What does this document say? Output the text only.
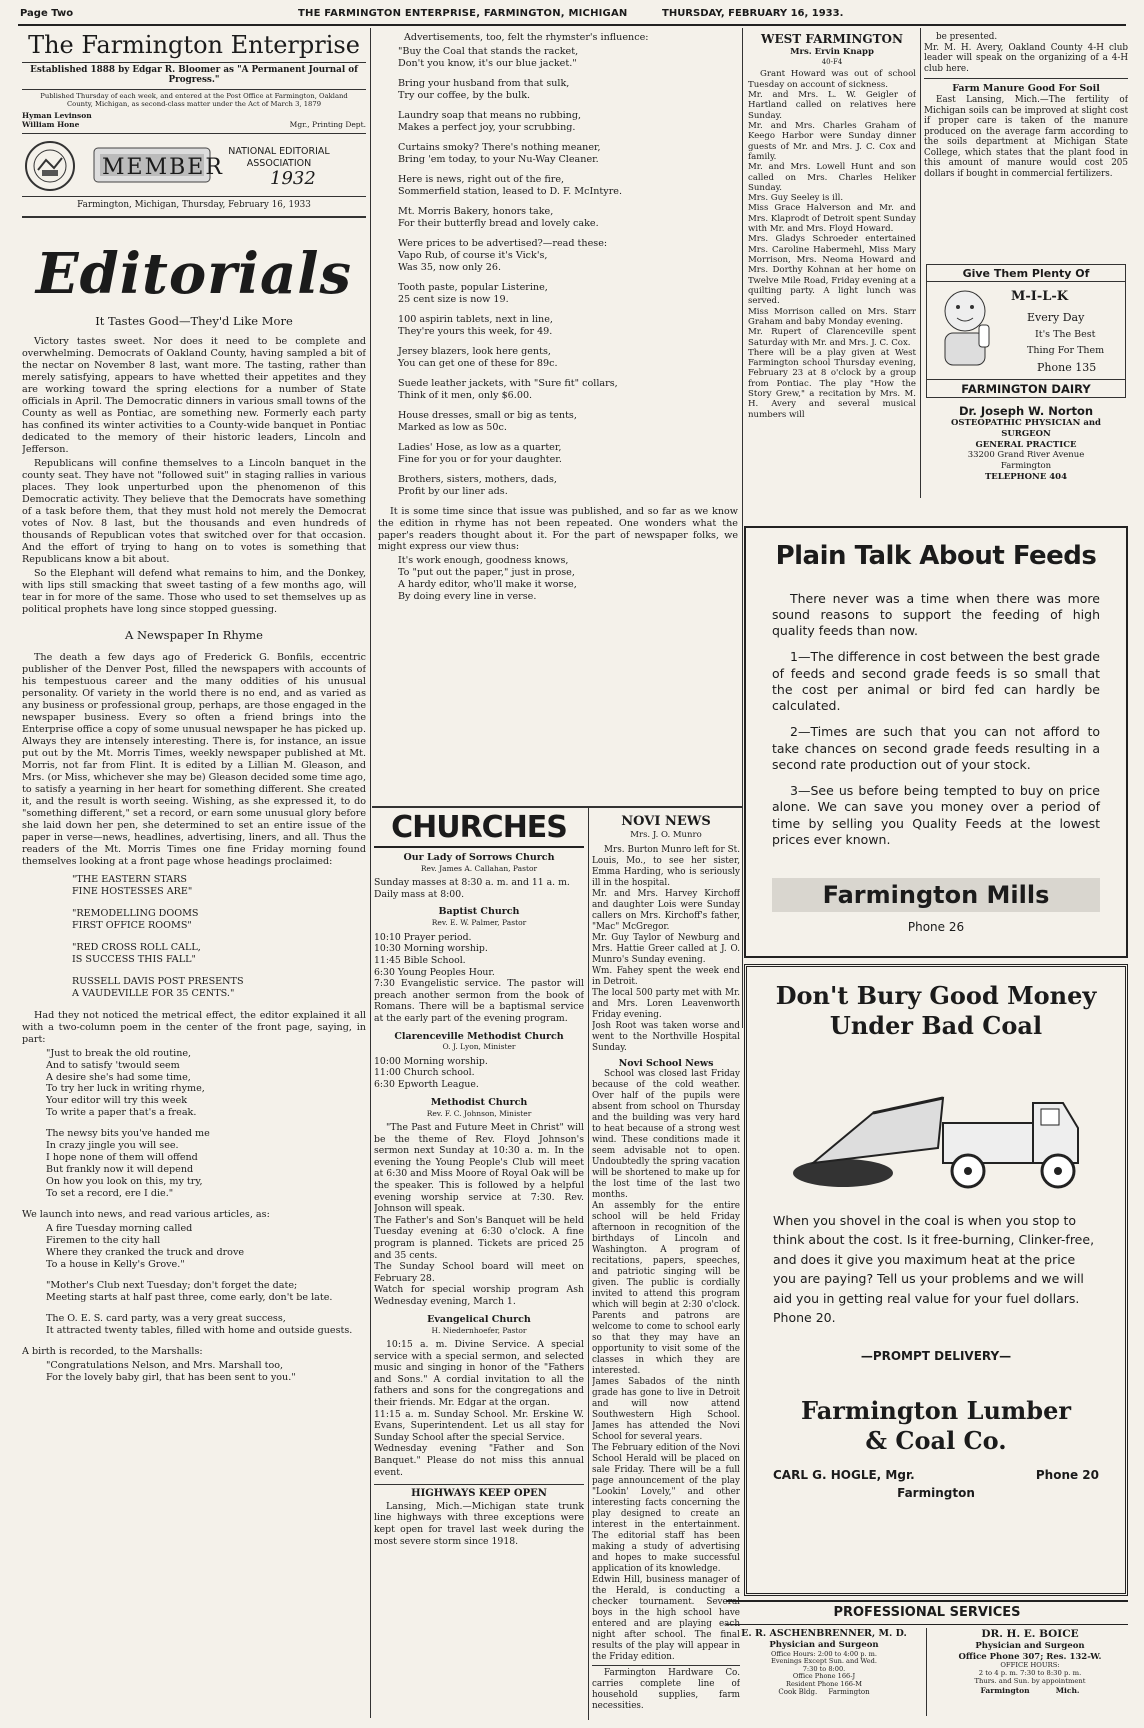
Page Two	THE FARMINGTON ENTERPRISE, FARMINGTON, MICHIGAN	THURSDAY, FEBRUARY 16, 1933.
The Farmington Enterprise
Established 1888 by Edgar R. Bloomer as "A Permanent Journal of Progress."
Published Thursday of each week, and entered at the Post Office at Farmington, Oakland County, Michigan, as second-class matter under the Act of March 3, 1879
Hyman Levinson
William Hone	Mgr., Printing Dept.
MEMBER
NATIONAL EDITORIAL ASSOCIATION
1932
Farmington, Michigan, Thursday, February 16, 1933
Editorials
It Tastes Good—They'd Like More

Victory tastes sweet. Nor does it need to be complete and overwhelming. Democrats of Oakland County, having sampled a bit of the nectar on November 8 last, want more. The tasting, rather than merely satisfying, appears to have whetted their appetites and they are working toward the spring elections for a number of State officials in April. The Democratic dinners in various small towns of the County as well as Pontiac, are something new. Formerly each party has confined its winter activities to a County-wide banquet in Pontiac dedicated to the memory of their historic leaders, Lincoln and Jefferson.

Republicans will confine themselves to a Lincoln banquet in the county seat. They have not "followed suit" in staging rallies in various places. They look unperturbed upon the phenomenon of this Democratic activity. They believe that the Democrats have something of a task before them, that they must hold not merely the Democrat votes of Nov. 8 last, but the thousands and even hundreds of thousands of Republican votes that switched over for that occasion. And the effort of trying to hang on to votes is something that Republicans know a bit about.

So the Elephant will defend what remains to him, and the Donkey, with lips still smacking that sweet tasting of a few months ago, will tear in for more of the same. Those who used to set themselves up as political prophets have long since stopped guessing.

A Newspaper In Rhyme

The death a few days ago of Frederick G. Bonfils, eccentric publisher of the Denver Post, filled the newspapers with accounts of his tempestuous career and the many oddities of his unusual personality. Of variety in the world there is no end, and as varied as any business or professional group, perhaps, are those engaged in the newspaper business. Every so often a friend brings into the Enterprise office a copy of some unusual newspaper he has picked up. Always they are intensely interesting. There is, for instance, an issue put out by the Mt. Morris Times, weekly newspaper published at Mt. Morris, not far from Flint. It is edited by a Lillian M. Gleason, and Mrs. (or Miss, whichever she may be) Gleason decided some time ago, to satisfy a yearning in her heart for something different. She created it, and the result is worth seeing. Wishing, as she expressed it, to do "something different," set a record, or earn some unusual glory before she laid down her pen, she determined to set an entire issue of the paper in verse—news, headlines, advertising, liners, and all. Thus the readers of the Mt. Morris Times one fine Friday morning found themselves looking at a front page whose headings proclaimed:

"THE EASTERN STARS
FINE HOSTESSES ARE"
"REMODELLING DOOMS
FIRST OFFICE ROOMS"
"RED CROSS ROLL CALL,
IS SUCCESS THIS FALL"
RUSSELL DAVIS POST PRESENTS
A VAUDEVILLE FOR 35 CENTS."

Had they not noticed the metrical effect, the editor explained it all with a two-column poem in the center of the front page, saying, in part:

"Just to break the old routine,
And to satisfy 'twould seem
A desire she's had some time,
To try her luck in writing rhyme,
Your editor will try this week
To write a paper that's a freak.
The newsy bits you've handed me
In crazy jingle you will see.
I hope none of them will offend
But frankly now it will depend
On how you look on this, my try,
To set a record, ere I die."

We launch into news, and read various articles, as:

A fire Tuesday morning called
Firemen to the city hall
Where they cranked the truck and drove
To a house in Kelly's Grove."
"Mother's Club next Tuesday; don't forget the date;
Meeting starts at half past three, come early, don't be late.
The O. E. S. card party, was a very great success,
It attracted twenty tables, filled with home and outside guests.

A birth is recorded, to the Marshalls:

"Congratulations Nelson, and Mrs. Marshall too,
For the lovely baby girl, that has been sent to you."

Advertisements, too, felt the rhymster's influence:

"Buy the Coal that stands the racket,
Don't you know, it's our blue jacket."
Bring your husband from that sulk,
Try our coffee, by the bulk.
Laundry soap that means no rubbing,
Makes a perfect joy, your scrubbing.
Curtains smoky? There's nothing meaner,
Bring 'em today, to your Nu-Way Cleaner.
Here is news, right out of the fire,
Sommerfield station, leased to D. F. McIntyre.
Mt. Morris Bakery, honors take,
For their butterfly bread and lovely cake.
Were prices to be advertised?—read these:
Vapo Rub, of course it's Vick's,
Was 35, now only 26.
Tooth paste, popular Listerine,
25 cent size is now 19.
100 aspirin tablets, next in line,
They're yours this week, for 49.
Jersey blazers, look here gents,
You can get one of these for 89c.
Suede leather jackets, with "Sure fit" collars,
Think of it men, only $6.00.
House dresses, small or big as tents,
Marked as low as 50c.
Ladies' Hose, as low as a quarter,
Fine for you or for your daughter.
Brothers, sisters, mothers, dads,
Profit by our liner ads.

It is some time since that issue was published, and so far as we know the edition in rhyme has not been repeated. One wonders what the paper's readers thought about it. For the part of newspaper folks, we might express our view thus:

It's work enough, goodness knows,
To "put out the paper," just in prose,
A hardy editor, who'll make it worse,
By doing every line in verse.
CHURCHES
Our Lady of Sorrows Church
Rev. James A. Callahan, Pastor

Sunday masses at 8:30 a. m. and 11 a. m.
Daily mass at 8:00.

Baptist Church
Rev. E. W. Palmer, Pastor

10:10 Prayer period.
10:30 Morning worship.
11:45 Bible School.
6:30 Young Peoples Hour.
7:30 Evangelistic service. The pastor will preach another sermon from the book of Romans. There will be a baptismal service at the early part of the evening program.

Clarenceville Methodist Church
O. J. Lyon, Minister

10:00 Morning worship.
11:00 Church school.
6:30 Epworth League.

Methodist Church
Rev. F. C. Johnson, Minister

"The Past and Future Meet in Christ" will be the theme of Rev. Floyd Johnson's sermon next Sunday at 10:30 a. m. In the evening the Young People's Club will meet at 6:30 and Miss Moore of Royal Oak will be the speaker. This is followed by a helpful evening worship service at 7:30. Rev. Johnson will speak.
The Father's and Son's Banquet will be held Tuesday evening at 6:30 o'clock. A fine program is planned. Tickets are priced 25 and 35 cents.
The Sunday School board will meet on February 28.
Watch for special worship program Ash Wednesday evening, March 1.

Evangelical Church
H. Niedernhoefer, Pastor

10:15 a. m. Divine Service. A special service with a special sermon, and selected music and singing in honor of the "Fathers and Sons." A cordial invitation to all the fathers and sons for the congregations and their friends. Mr. Edgar at the organ.
11:15 a. m. Sunday School. Mr. Erskine W. Evans, Superintendent. Let us all stay for Sunday School after the special Service.
Wednesday evening "Father and Son Banquet." Please do not miss this annual event.

HIGHWAYS KEEP OPEN

Lansing, Mich.—Michigan state trunk line highways with three exceptions were kept open for travel last week during the most severe storm since 1918.

NOVI NEWS
Mrs. J. O. Munro

Mrs. Burton Munro left for St. Louis, Mo., to see her sister, Emma Harding, who is seriously ill in the hospital.
Mr. and Mrs. Harvey Kirchoff and daughter Lois were Sunday callers on Mrs. Kirchoff's father, "Mac" McGregor.
Mr. Guy Taylor of Newburg and Mrs. Hattie Greer called at J. O. Munro's Sunday evening.
Wm. Fahey spent the week end in Detroit.
The local 500 party met with Mr. and Mrs. Loren Leavenworth Friday evening.
Josh Root was taken worse and went to the Northville Hospital Sunday.

Novi School News

School was closed last Friday because of the cold weather. Over half of the pupils were absent from school on Thursday and the building was very hard to heat because of a strong west wind. These conditions made it seem advisable not to open. Undoubtedly the spring vacation will be shortened to make up for the lost time of the last two months.
An assembly for the entire school will be held Friday afternoon in recognition of the birthdays of Lincoln and Washington. A program of recitations, papers, speeches, and patriotic singing will be given. The public is cordially invited to attend this program which will begin at 2:30 o'clock. Parents and patrons are welcome to come to school early so that they may have an opportunity to visit some of the classes in which they are interested.
James Sabados of the ninth grade has gone to live in Detroit and will now attend Southwestern High School. James has attended the Novi School for several years.
The February edition of the Novi School Herald will be placed on sale Friday. There will be a full page announcement of the play "Lookin' Lovely," and other interesting facts concerning the play designed to create an interest in the entertainment. The editorial staff has been making a study of advertising and hopes to make successful application of its knowledge.
Edwin Hill, business manager of the Herald, is conducting a checker tournament. Several boys in the high school have entered and are playing each night after school. The final results of the play will appear in the Friday edition.

Farmington Hardware Co. carries complete line of household supplies, farm necessities.

WEST FARMINGTON
Mrs. Ervin Knapp
40-F4

Grant Howard was out of school Tuesday on account of sickness.
Mr. and Mrs. L. W. Geigler of Hartland called on relatives here Sunday.
Mr. and Mrs. Charles Graham of Keego Harbor were Sunday dinner guests of Mr. and Mrs. J. C. Cox and family.
Mr. and Mrs. Lowell Hunt and son called on Mrs. Charles Heliker Sunday.
Mrs. Guy Seeley is ill.
Miss Grace Halverson and Mr. and Mrs. Klaprodt of Detroit spent Sunday with Mr. and Mrs. Floyd Howard.
Mrs. Gladys Schroeder entertained Mrs. Caroline Habermehl, Miss Mary Morrison, Mrs. Neoma Howard and Mrs. Dorthy Kohnan at her home on Twelve Mile Road, Friday evening at a quilting party. A light lunch was served.
Miss Morrison called on Mrs. Starr Graham and baby Monday evening.
Mr. Rupert of Clarenceville spent Saturday with Mr. and Mrs. J. C. Cox.
There will be a play given at West Farmington school Thursday evening, February 23 at 8 o'clock by a group from Pontiac. The play "How the Story Grew," a recitation by Mrs. M. H. Avery and several musical numbers will

be presented.
Mr. M. H. Avery, Oakland County 4-H club leader will speak on the organizing of a 4-H club here.

Farm Manure Good For Soil

East Lansing, Mich.—The fertility of Michigan soils can be improved at slight cost if proper care is taken of the manure produced on the average farm according to the soils department at Michigan State College, which states that the plant food in this amount of manure would cost 205 dollars if bought in commercial fertilizers.

Give Them Plenty Of
M-I-L-K
Every Day
It's The Best
Thing For Them
Phone 135
FARMINGTON DAIRY
Dr. Joseph W. Norton
OSTEOPATHIC PHYSICIAN and
SURGEON
GENERAL PRACTICE
33200 Grand River Avenue
Farmington
TELEPHONE 404
Plain Talk About Feeds

There never was a time when there was more sound reasons to support the feeding of high quality feeds than now.

1—The difference in cost between the best grade of feeds and second grade feeds is so small that the cost per animal or bird fed can hardly be calculated.

2—Times are such that you can not afford to take chances on second grade feeds resulting in a second rate production out of your stock.

3—See us before being tempted to buy on price alone. We can save you money over a period of time by selling you Quality Feeds at the lowest prices ever known.

Farmington Mills
Phone 26
Don't Bury Good Money
Under Bad Coal

When you shovel in the coal is when you stop to think about the cost. Is it free-burning, Clinker-free, and does it give you maximum heat at the price you are paying? Tell us your problems and we will aid you in getting real value for your fuel dollars. Phone 20.

—PROMPT DELIVERY—
Farmington Lumber
& Coal Co.
CARL G. HOGLE, Mgr.	Phone 20
Farmington
PROFESSIONAL SERVICES
E. R. ASCHENBRENNER, M. D.
Physician and Surgeon
Office Hours: 2:00 to 4:00 p. m.
Evenings Except Sun. and Wed.
7:30 to 8:00.
Office Phone 166-J
Resident Phone 166-M
Cook Bldg.     Farmington
DR. H. E. BOICE
Physician and Surgeon
Office Phone 307; Res. 132-W.
OFFICE HOURS:
2 to 4 p. m. 7:30 to 8:30 p. m.
Thurs. and Sun. by appointment
Farmington          Mich.
